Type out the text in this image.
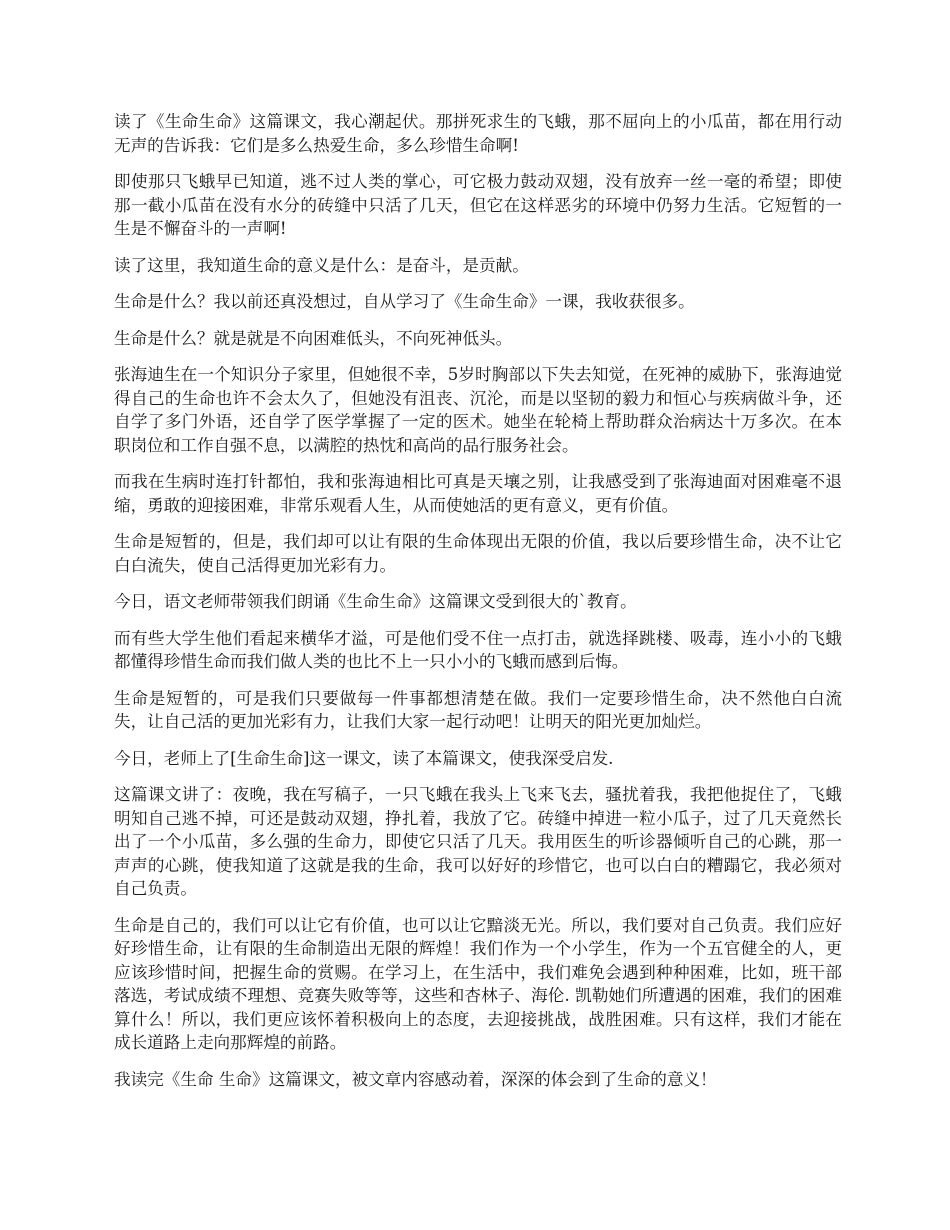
读了《生命生命》这篇课文，我心潮起伏。那拼死求生的飞蛾，那不屈向上的小瓜苗，都在用行动无声的告诉我：它们是多么热爱生命，多么珍惜生命啊!

即使那只飞蛾早已知道，逃不过人类的掌心，可它极力鼓动双翅，没有放弃一丝一毫的希望；即使那一截小瓜苗在没有水分的砖缝中只活了几天，但它在这样恶劣的环境中仍努力生活。它短暂的一生是不懈奋斗的一声啊!

读了这里，我知道生命的意义是什么：是奋斗，是贡献。

生命是什么？我以前还真没想过，自从学习了《生命生命》一课，我收获很多。

生命是什么？就是就是不向困难低头，不向死神低头。

张海迪生在一个知识分子家里，但她很不幸，5岁时胸部以下失去知觉，在死神的威胁下，张海迪觉得自己的生命也许不会太久了，但她没有沮丧、沉沦，而是以坚韧的毅力和恒心与疾病做斗争，还自学了多门外语，还自学了医学掌握了一定的医术。她坐在轮椅上帮助群众治病达十万多次。在本职岗位和工作自强不息，以满腔的热忱和高尚的品行服务社会。

而我在生病时连打针都怕，我和张海迪相比可真是天壤之别，让我感受到了张海迪面对困难毫不退缩，勇敢的迎接困难，非常乐观看人生，从而使她活的更有意义，更有价值。

生命是短暂的，但是，我们却可以让有限的生命体现出无限的价值，我以后要珍惜生命，决不让它白白流失，使自己活得更加光彩有力。

今日，语文老师带领我们朗诵《生命生命》这篇课文受到很大的`教育。

而有些大学生他们看起来横华才溢，可是他们受不住一点打击，就选择跳楼、吸毒，连小小的飞蛾都懂得珍惜生命而我们做人类的也比不上一只小小的飞蛾而感到后悔。

生命是短暂的，可是我们只要做每一件事都想清楚在做。我们一定要珍惜生命，决不然他白白流失，让自己活的更加光彩有力，让我们大家一起行动吧！让明天的阳光更加灿烂。

今日，老师上了[生命生命]这一课文，读了本篇课文，使我深受启发.

这篇课文讲了：夜晚，我在写稿子，一只飞蛾在我头上飞来飞去，骚扰着我，我把他捉住了，飞蛾明知自己逃不掉，可还是鼓动双翅，挣扎着，我放了它。砖缝中掉进一粒小瓜子，过了几天竟然长出了一个小瓜苗，多么强的生命力，即使它只活了几天。我用医生的听诊器倾听自己的心跳，那一声声的心跳，使我知道了这就是我的生命，我可以好好的珍惜它，也可以白白的糟蹋它，我必须对自己负责。

生命是自己的，我们可以让它有价值，也可以让它黯淡无光。所以，我们要对自己负责。我们应好好珍惜生命，让有限的生命制造出无限的辉煌！我们作为一个小学生，作为一个五官健全的人，更应该珍惜时间，把握生命的赏赐。在学习上，在生活中，我们难免会遇到种种困难，比如，班干部落选，考试成绩不理想、竞赛失败等等，这些和杏林子、海伦. 凯勒她们所遭遇的困难，我们的困难算什么！所以，我们更应该怀着积极向上的态度，去迎接挑战，战胜困难。只有这样，我们才能在成长道路上走向那辉煌的前路。

我读完《生命 生命》这篇课文，被文章内容感动着，深深的体会到了生命的意义！
